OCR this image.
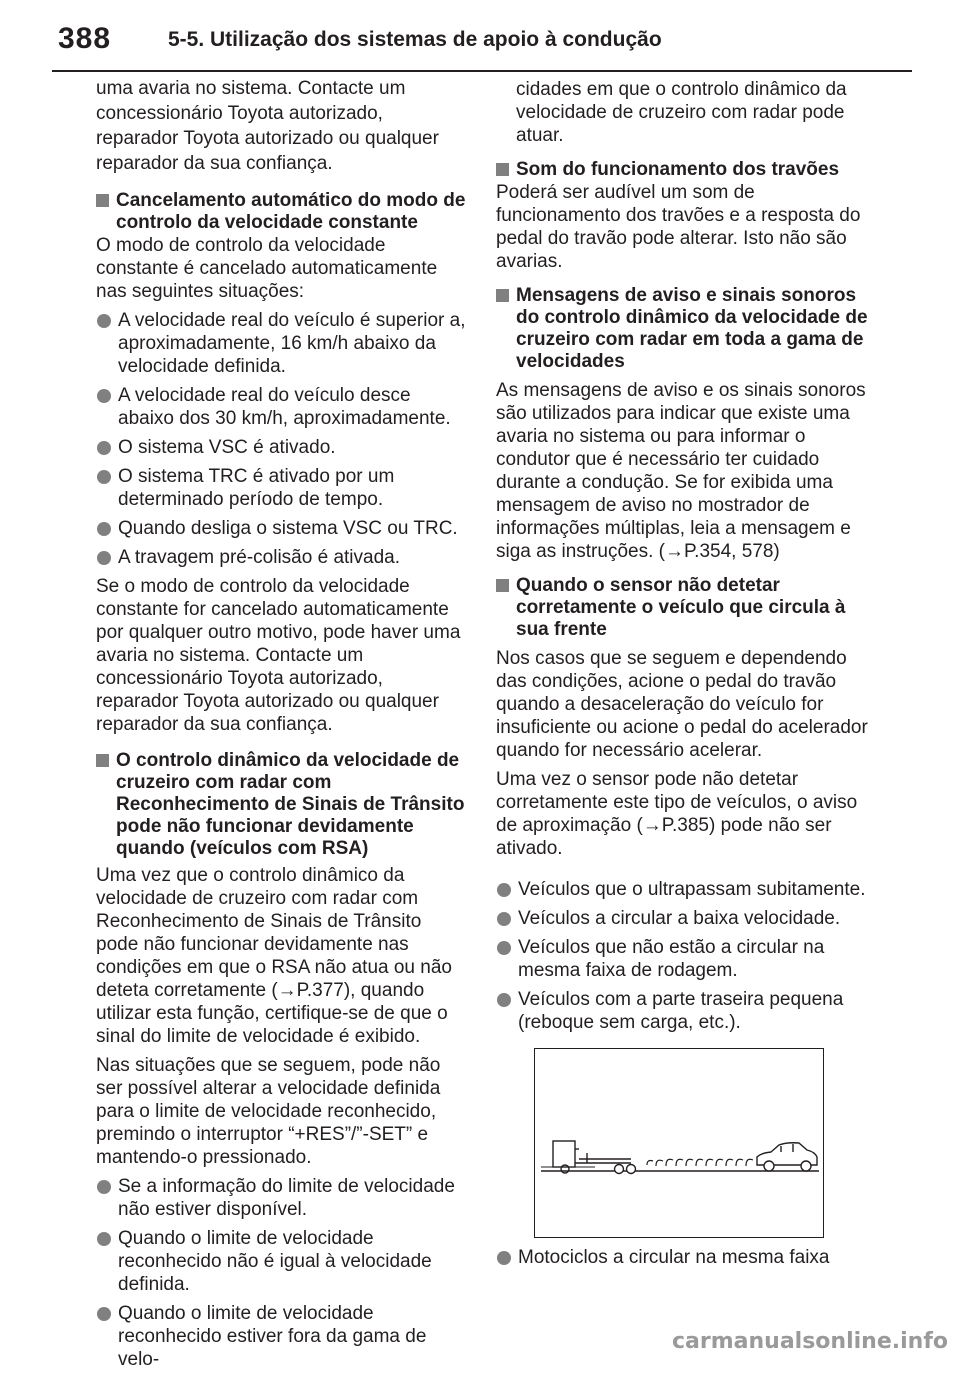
388	5-5. Utilização dos sistemas de apoio à condução

uma avaria no sistema. Contacte um concessionário Toyota autorizado, reparador Toyota autorizado ou qualquer reparador da sua confiança.

Cancelamento automático do modo de controlo da velocidade constante

O modo de controlo da velocidade constante é cancelado automaticamente nas seguintes situações:

A velocidade real do veículo é superior a, aproximadamente, 16 km/h abaixo da velocidade definida.
A velocidade real do veículo desce abaixo dos 30 km/h, aproximadamente.
O sistema VSC é ativado.
O sistema TRC é ativado por um determinado período de tempo.
Quando desliga o sistema VSC ou TRC.
A travagem pré-colisão é ativada.

Se o modo de controlo da velocidade constante for cancelado automaticamente por qualquer outro motivo, pode haver uma avaria no sistema. Contacte um concessionário Toyota autorizado, reparador Toyota autorizado ou qualquer reparador da sua confiança.

O controlo dinâmico da velocidade de cruzeiro com radar com Reconhecimento de Sinais de Trânsito pode não funcionar devidamente quando (veículos com RSA)

Uma vez que o controlo dinâmico da velocidade de cruzeiro com radar com Reconhecimento de Sinais de Trânsito pode não funcionar devidamente nas condições em que o RSA não atua ou não deteta corretamente (→P.377), quando utilizar esta função, certifique-se de que o sinal do limite de velocidade é exibido.

Nas situações que se seguem, pode não ser possível alterar a velocidade definida para o limite de velocidade reconhecido, premindo o interruptor “+RES”/”-SET” e mantendo-o pressionado.

Se a informação do limite de velocidade não estiver disponível.
Quando o limite de velocidade reconhecido não é igual à velocidade definida.
Quando o limite de velocidade reconhecido estiver fora da gama de velo-

cidades em que o controlo dinâmico da velocidade de cruzeiro com radar pode atuar.

Som do funcionamento dos travões

Poderá ser audível um som de funcionamento dos travões e a resposta do pedal do travão pode alterar. Isto não são avarias.

Mensagens de aviso e sinais sonoros do controlo dinâmico da velocidade de cruzeiro com radar em toda a gama de velocidades

As mensagens de aviso e os sinais sonoros são utilizados para indicar que existe uma avaria no sistema ou para informar o condutor que é necessário ter cuidado durante a condução. Se for exibida uma mensagem de aviso no mostrador de informações múltiplas, leia a mensagem e siga as instruções. (→P.354, 578)

Quando o sensor não detetar corretamente o veículo que circula à sua frente

Nos casos que se seguem e dependendo das condições, acione o pedal do travão quando a desaceleração do veículo for insuficiente ou acione o pedal do acelerador quando for necessário acelerar.

Uma vez o sensor pode não detetar corretamente este tipo de veículos, o aviso de aproximação (→P.385) pode não ser ativado.

Veículos que o ultrapassam subitamente.
Veículos a circular a baixa velocidade.
Veículos que não estão a circular na mesma faixa de rodagem.
Veículos com a parte traseira pequena (reboque sem carga, etc.).
Motociclos a circular na mesma faixa
carmanualsonline.info
